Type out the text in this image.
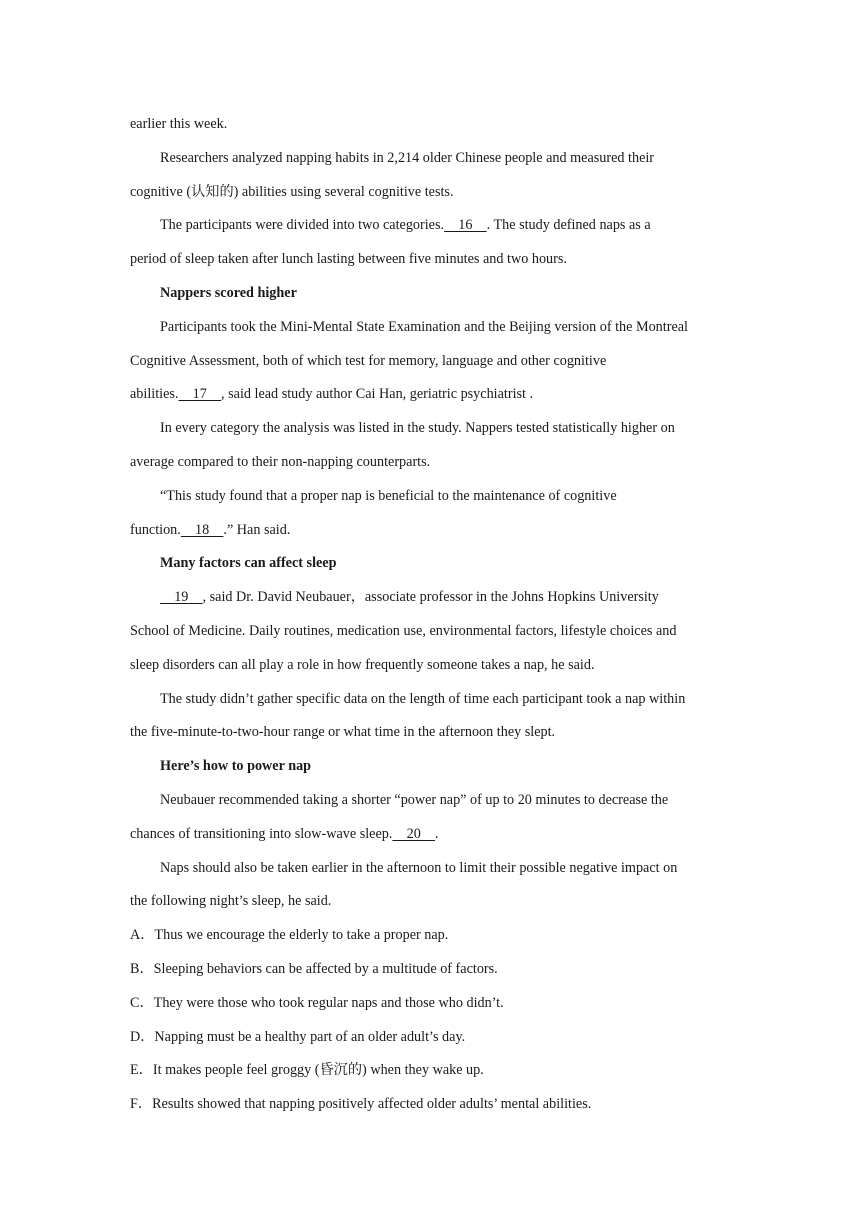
earlier this week.
Researchers analyzed napping habits in 2,214 older Chinese people and measured their
cognitive (认知的) abilities using several cognitive tests.
The participants were divided into two categories.    16    . The study defined naps as a
period of sleep taken after lunch lasting between five minutes and two hours.
Nappers scored higher
Participants took the Mini-Mental State Examination and the Beijing version of the Montreal
Cognitive Assessment, both of which test for memory, language and other cognitive
abilities.    17    , said lead study author Cai Han, geriatric psychiatrist .
In every category the analysis was listed in the study. Nappers tested statistically higher on
average compared to their non-napping counterparts.
“This study found that a proper nap is beneficial to the maintenance of cognitive
function.    18    .” Han said.
Many factors can affect sleep
19    , said Dr. David Neubauer，associate professor in the Johns Hopkins University
School of Medicine. Daily routines, medication use, environmental factors, lifestyle choices and
sleep disorders can all play a role in how frequently someone takes a nap, he said.
The study didn’t gather specific data on the length of time each participant took a nap within
the five-minute-to-two-hour range or what time in the afternoon they slept.
Here’s how to power nap
Neubauer recommended taking a shorter “power nap” of up to 20 minutes to decrease the
chances of transitioning into slow-wave sleep.    20    .
Naps should also be taken earlier in the afternoon to limit their possible negative impact on
the following night’s sleep, he said.
A．Thus we encourage the elderly to take a proper nap.
B．Sleeping behaviors can be affected by a multitude of factors.
C．They were those who took regular naps and those who didn’t.
D．Napping must be a healthy part of an older adult’s day.
E．It makes people feel groggy (昏沉的) when they wake up.
F．Results showed that napping positively affected older adults’ mental abilities.
